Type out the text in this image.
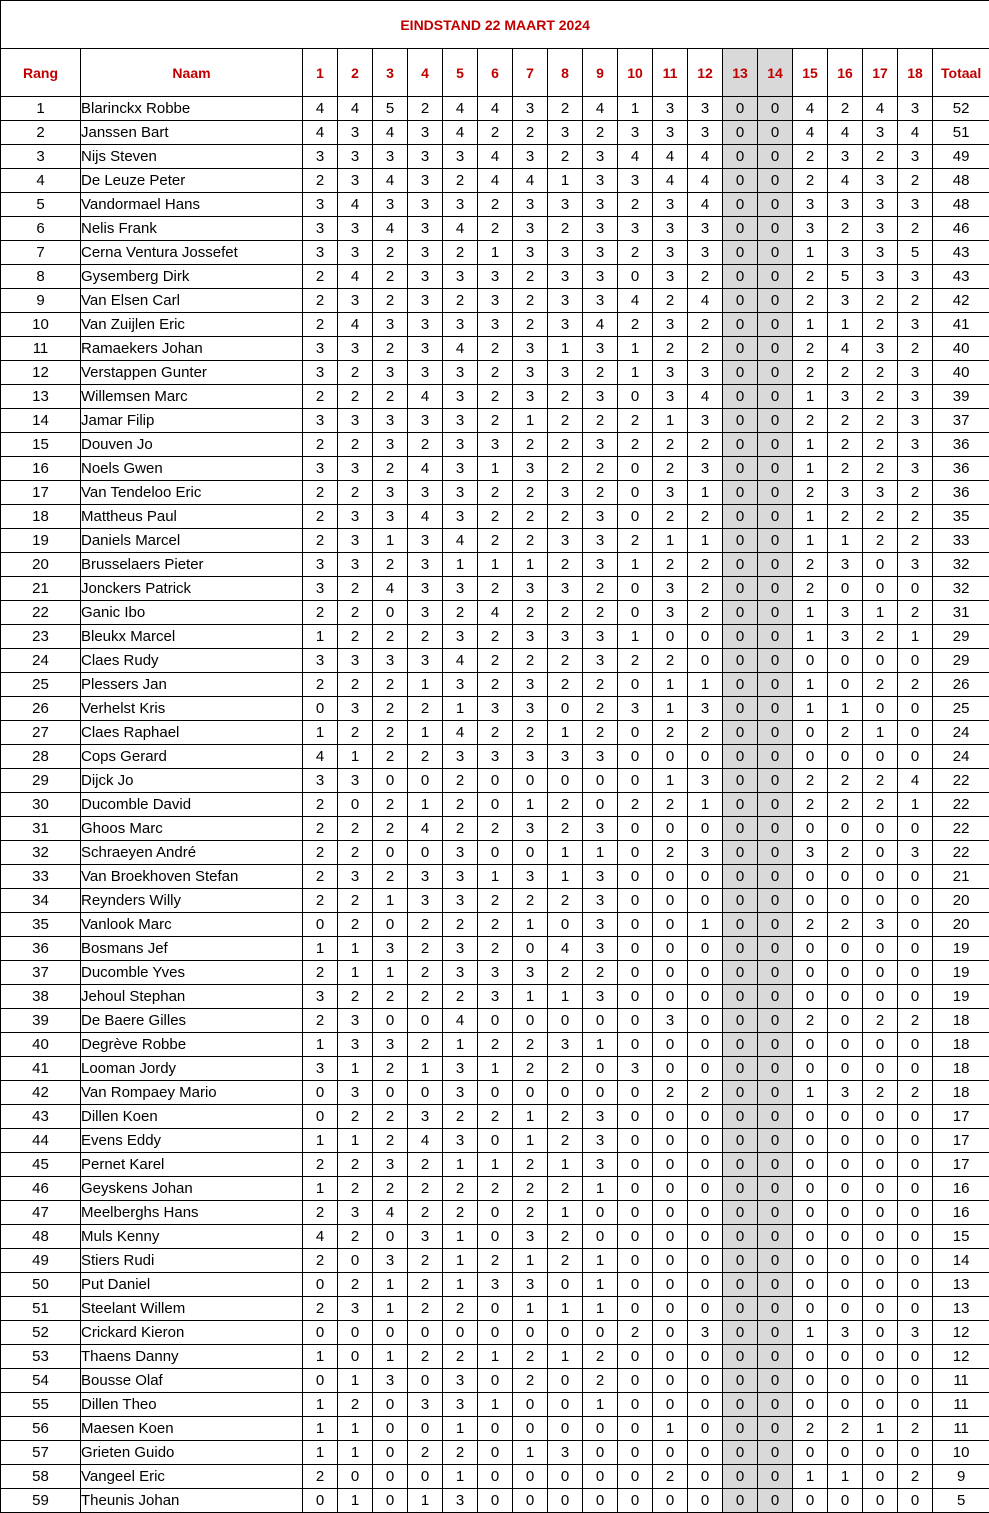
EINDSTAND 22 MAART 2024																				
Rang	Naam	1	2	3	4	5	6	7	8	9	10	11	12	13	14	15	16	17	18	Totaal
1	Blarinckx Robbe	4	4	5	2	4	4	3	2	4	1	3	3	0	0	4	2	4	3	52
2	Janssen Bart	4	3	4	3	4	2	2	3	2	3	3	3	0	0	4	4	3	4	51
3	Nijs Steven	3	3	3	3	3	4	3	2	3	4	4	4	0	0	2	3	2	3	49
4	De Leuze Peter	2	3	4	3	2	4	4	1	3	3	4	4	0	0	2	4	3	2	48
5	Vandormael Hans	3	4	3	3	3	2	3	3	3	2	3	4	0	0	3	3	3	3	48
6	Nelis Frank	3	3	4	3	4	2	3	2	3	3	3	3	0	0	3	2	3	2	46
7	Cerna Ventura Jossefet	3	3	2	3	2	1	3	3	3	2	3	3	0	0	1	3	3	5	43
8	Gysemberg Dirk	2	4	2	3	3	3	2	3	3	0	3	2	0	0	2	5	3	3	43
9	Van Elsen Carl	2	3	2	3	2	3	2	3	3	4	2	4	0	0	2	3	2	2	42
10	Van Zuijlen Eric	2	4	3	3	3	3	2	3	4	2	3	2	0	0	1	1	2	3	41
11	Ramaekers Johan	3	3	2	3	4	2	3	1	3	1	2	2	0	0	2	4	3	2	40
12	Verstappen Gunter	3	2	3	3	3	2	3	3	2	1	3	3	0	0	2	2	2	3	40
13	Willemsen Marc	2	2	2	4	3	2	3	2	3	0	3	4	0	0	1	3	2	3	39
14	Jamar Filip	3	3	3	3	3	2	1	2	2	2	1	3	0	0	2	2	2	3	37
15	Douven Jo	2	2	3	2	3	3	2	2	3	2	2	2	0	0	1	2	2	3	36
16	Noels Gwen	3	3	2	4	3	1	3	2	2	0	2	3	0	0	1	2	2	3	36
17	Van Tendeloo Eric	2	2	3	3	3	2	2	3	2	0	3	1	0	0	2	3	3	2	36
18	Mattheus Paul	2	3	3	4	3	2	2	2	3	0	2	2	0	0	1	2	2	2	35
19	Daniels Marcel	2	3	1	3	4	2	2	3	3	2	1	1	0	0	1	1	2	2	33
20	Brusselaers Pieter	3	3	2	3	1	1	1	2	3	1	2	2	0	0	2	3	0	3	32
21	Jonckers Patrick	3	2	4	3	3	2	3	3	2	0	3	2	0	0	2	0	0	0	32
22	Ganic Ibo	2	2	0	3	2	4	2	2	2	0	3	2	0	0	1	3	1	2	31
23	Bleukx Marcel	1	2	2	2	3	2	3	3	3	1	0	0	0	0	1	3	2	1	29
24	Claes Rudy	3	3	3	3	4	2	2	2	3	2	2	0	0	0	0	0	0	0	29
25	Plessers Jan	2	2	2	1	3	2	3	2	2	0	1	1	0	0	1	0	2	2	26
26	Verhelst Kris	0	3	2	2	1	3	3	0	2	3	1	3	0	0	1	1	0	0	25
27	Claes Raphael	1	2	2	1	4	2	2	1	2	0	2	2	0	0	0	2	1	0	24
28	Cops Gerard	4	1	2	2	3	3	3	3	3	0	0	0	0	0	0	0	0	0	24
29	Dijck Jo	3	3	0	0	2	0	0	0	0	0	1	3	0	0	2	2	2	4	22
30	Ducomble David	2	0	2	1	2	0	1	2	0	2	2	1	0	0	2	2	2	1	22
31	Ghoos Marc	2	2	2	4	2	2	3	2	3	0	0	0	0	0	0	0	0	0	22
32	Schraeyen André	2	2	0	0	3	0	0	1	1	0	2	3	0	0	3	2	0	3	22
33	Van Broekhoven Stefan	2	3	2	3	3	1	3	1	3	0	0	0	0	0	0	0	0	0	21
34	Reynders Willy	2	2	1	3	3	2	2	2	3	0	0	0	0	0	0	0	0	0	20
35	Vanlook Marc	0	2	0	2	2	2	1	0	3	0	0	1	0	0	2	2	3	0	20
36	Bosmans Jef	1	1	3	2	3	2	0	4	3	0	0	0	0	0	0	0	0	0	19
37	Ducomble Yves	2	1	1	2	3	3	3	2	2	0	0	0	0	0	0	0	0	0	19
38	Jehoul Stephan	3	2	2	2	2	3	1	1	3	0	0	0	0	0	0	0	0	0	19
39	De Baere Gilles	2	3	0	0	4	0	0	0	0	0	3	0	0	0	2	0	2	2	18
40	Degrève Robbe	1	3	3	2	1	2	2	3	1	0	0	0	0	0	0	0	0	0	18
41	Looman Jordy	3	1	2	1	3	1	2	2	0	3	0	0	0	0	0	0	0	0	18
42	Van Rompaey Mario	0	3	0	0	3	0	0	0	0	0	2	2	0	0	1	3	2	2	18
43	Dillen Koen	0	2	2	3	2	2	1	2	3	0	0	0	0	0	0	0	0	0	17
44	Evens Eddy	1	1	2	4	3	0	1	2	3	0	0	0	0	0	0	0	0	0	17
45	Pernet Karel	2	2	3	2	1	1	2	1	3	0	0	0	0	0	0	0	0	0	17
46	Geyskens Johan	1	2	2	2	2	2	2	2	1	0	0	0	0	0	0	0	0	0	16
47	Meelberghs Hans	2	3	4	2	2	0	2	1	0	0	0	0	0	0	0	0	0	0	16
48	Muls Kenny	4	2	0	3	1	0	3	2	0	0	0	0	0	0	0	0	0	0	15
49	Stiers Rudi	2	0	3	2	1	2	1	2	1	0	0	0	0	0	0	0	0	0	14
50	Put Daniel	0	2	1	2	1	3	3	0	1	0	0	0	0	0	0	0	0	0	13
51	Steelant Willem	2	3	1	2	2	0	1	1	1	0	0	0	0	0	0	0	0	0	13
52	Crickard Kieron	0	0	0	0	0	0	0	0	0	2	0	3	0	0	1	3	0	3	12
53	Thaens Danny	1	0	1	2	2	1	2	1	2	0	0	0	0	0	0	0	0	0	12
54	Bousse Olaf	0	1	3	0	3	0	2	0	2	0	0	0	0	0	0	0	0	0	11
55	Dillen Theo	1	2	0	3	3	1	0	0	1	0	0	0	0	0	0	0	0	0	11
56	Maesen Koen	1	1	0	0	1	0	0	0	0	0	1	0	0	0	2	2	1	2	11
57	Grieten Guido	1	1	0	2	2	0	1	3	0	0	0	0	0	0	0	0	0	0	10
58	Vangeel Eric	2	0	0	0	1	0	0	0	0	0	2	0	0	0	1	1	0	2	9
59	Theunis Johan	0	1	0	1	3	0	0	0	0	0	0	0	0	0	0	0	0	0	5
